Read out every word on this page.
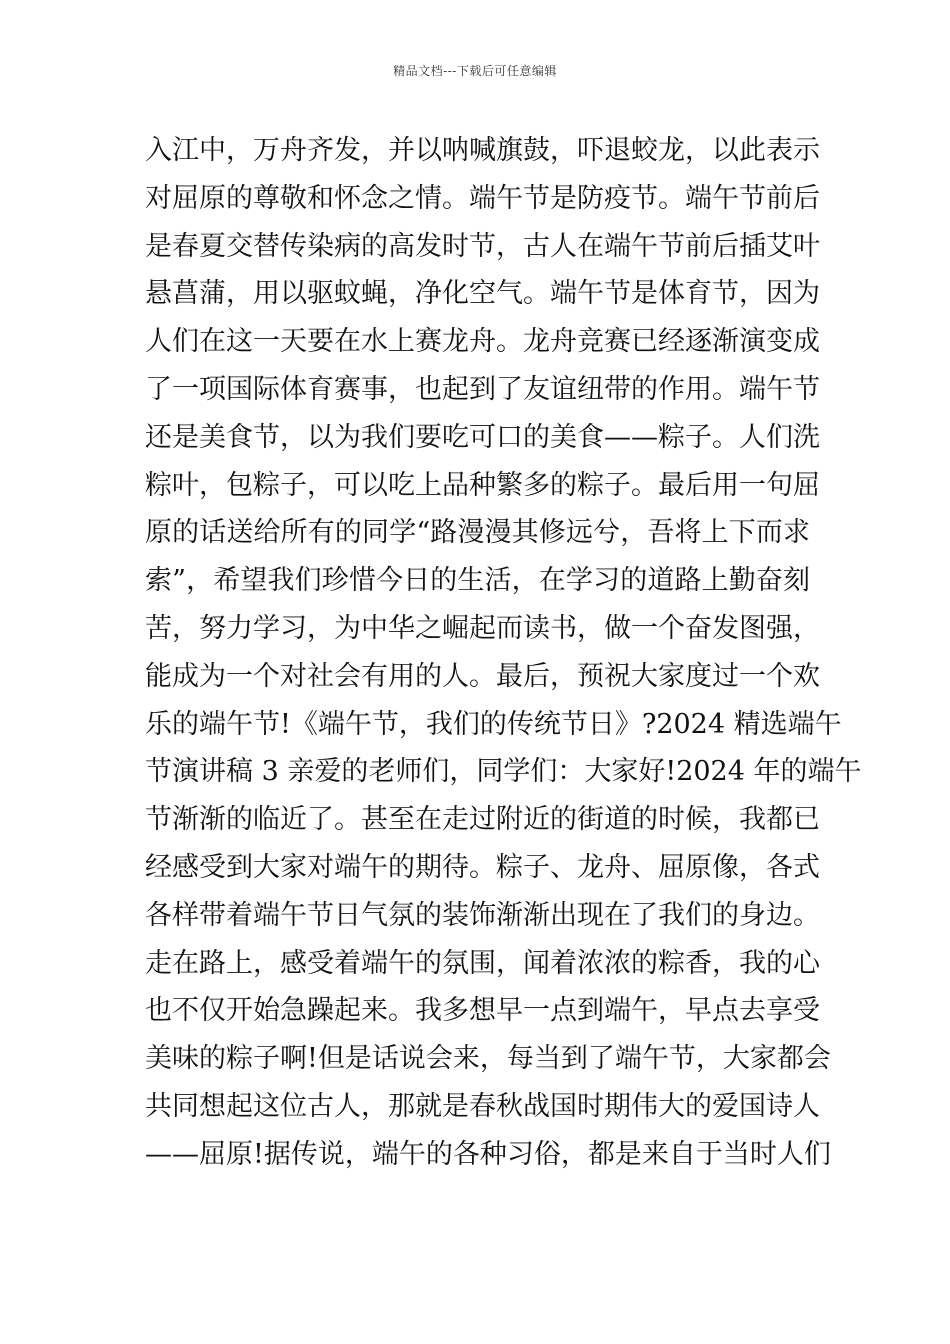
精品文档---下载后可任意编辑
入江中，万舟齐发，并以呐喊旗鼓，吓退蛟龙，以此表示
对屈原的尊敬和怀念之情。端午节是防疫节。端午节前后
是春夏交替传染病的高发时节，古人在端午节前后插艾叶
悬菖蒲，用以驱蚊蝇，净化空气。端午节是体育节，因为
人们在这一天要在水上赛龙舟。龙舟竞赛已经逐渐演变成
了一项国际体育赛事，也起到了友谊纽带的作用。端午节
还是美食节，以为我们要吃可口的美食——粽子。人们洗
粽叶，包粽子，可以吃上品种繁多的粽子。最后用一句屈
原的话送给所有的同学“路漫漫其修远兮，吾将上下而求
索”，希望我们珍惜今日的生活，在学习的道路上勤奋刻
苦，努力学习，为中华之崛起而读书，做一个奋发图强，
能成为一个对社会有用的人。最后，预祝大家度过一个欢
乐的端午节!《端午节，我们的传统节日》?2024 精选端午
节演讲稿 3 亲爱的老师们，同学们：大家好!2024 年的端午
节渐渐的临近了。甚至在走过附近的街道的时候，我都已
经感受到大家对端午的期待。粽子、龙舟、屈原像，各式
各样带着端午节日气氛的装饰渐渐出现在了我们的身边。
走在路上，感受着端午的氛围，闻着浓浓的粽香，我的心
也不仅开始急躁起来。我多想早一点到端午，早点去享受
美味的粽子啊!但是话说会来，每当到了端午节，大家都会
共同想起这位古人，那就是春秋战国时期伟大的爱国诗人
——屈原!据传说，端午的各种习俗，都是来自于当时人们
